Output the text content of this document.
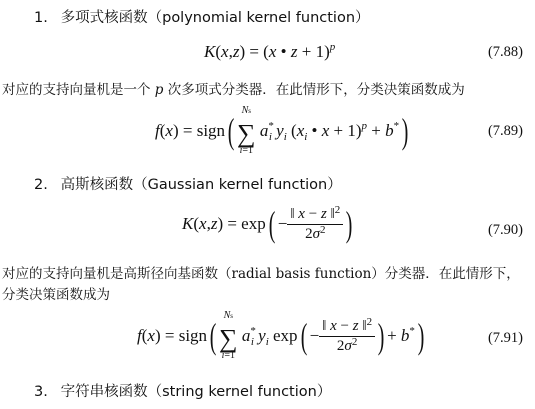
1. 多项式核函数（polynomial kernel function）
K(x,z) = (x • z + 1)$^p$	(7.88)
对应的支持向量机是一个 p 次多项式分类器．在此情形下，分类决策函数成为
f(x) = sign(
Ns
∑
i=1
$a^*_i$ $y_i$ ($x_i$ • x + 1)$^p$ + b*)	(7.89)
2. 高斯核函数（Gaussian kernel function）
$K(x,z) = \exp( - \frac{‖ x - z ‖^2}{2\sigma^2}$ )	(7.90)
对应的支持向量机是高斯径向基函数（radial basis function）分类器．在此情形下，
分类决策函数成为
f(x) = sign(
Ns
∑
i=1
$a^*_i$ $y_i$ $\exp( - \frac{‖ x - z ‖^2}{2\sigma^2}$ ) + b*)	(7.91)
3. 字符串核函数（string kernel function）
